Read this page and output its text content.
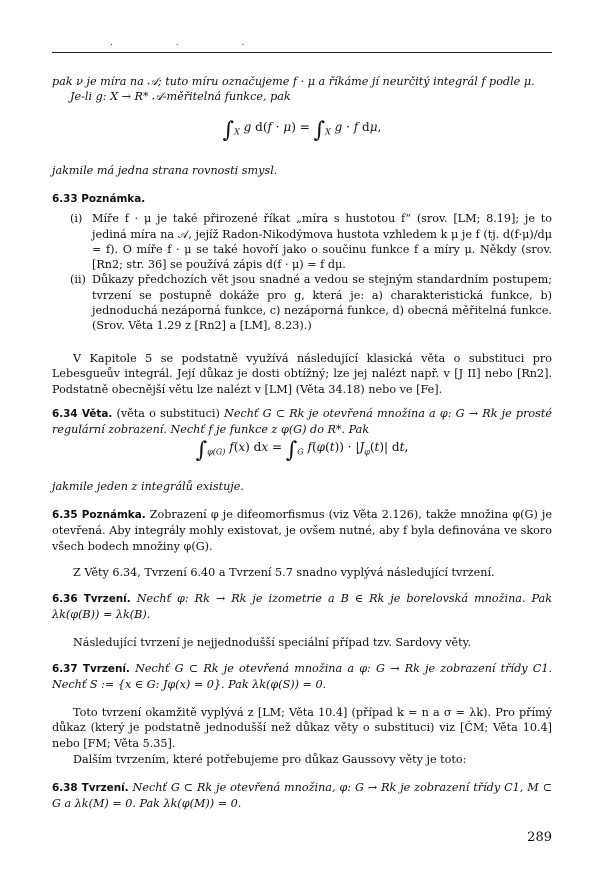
. . .

pak ν je míra na 𝒜; tuto míru označujeme f · μ a říkáme jí neurčitý integrál f podle μ.

Je-li g: X → R* 𝒜-měřitelná funkce, pak

$\int_X$ g $d(f \cdot \mu) = \int_X$ g · f dμ,
jakmile má jedna strana rovnosti smysl.

6.33 Poznámka.

(i) Míře f · μ je také přirozené říkat „míra s hustotou f“ (srov. [LM; 8.19]; je to jediná míra na 𝒜, jejíž Radon-Nikodýmova hustota vzhledem k μ je f (tj. d(f·μ)/dμ = f). O míře f · μ se také hovoří jako o součinu funkce f a míry μ. Někdy (srov. [Rn2; str. 36] se používá zápis d(f · μ) = f dμ.
(ii) Důkazy předchozích vět jsou snadné a vedou se stejným standardním postupem; tvrzení se postupně dokáže pro g, která je: a) charakteristická funkce, b) jednoduchá nezáporná funkce, c) nezáporná funkce, d) obecná měřitelná funkce. (Srov. Věta 1.29 z [Rn2] a [LM], 8.23).)
V Kapitole 5 se podstatně využívá následující klasická věta o substituci pro Lebesgueův integrál. Její důkaz je dosti obtížný; lze jej nalézt např. v [J II] nebo [Rn2]. Podstatně obecnější větu lze nalézt v [LM] (Věta 34.18) nebo ve [Fe].

6.34 Věta. (věta o substituci) Nechť G ⊂ Rk je otevřená množina a φ: G → Rk je prosté regulární zobrazení. Nechť f je funkce z φ(G) do R*. Pak

$\int_{\varphi(G)}$ f(x) dx = $\int_G$ $f(\varphi(t)) \cdot |J_\varphi(t)|$ dt,
jakmile jeden z integrálů existuje.
6.35 Poznámka. Zobrazení φ je difeomorfismus (viz Věta 2.126), takže množina φ(G) je otevřená. Aby integrály mohly existovat, je ovšem nutné, aby f byla definována ve skoro všech bodech množiny φ(G).
Z Věty 6.34, Tvrzení 6.40 a Tvrzení 5.7 snadno vyplývá následující tvrzení.
6.36 Tvrzení. Nechť φ: Rk → Rk je izometrie a B ∈ Rk je borelovská množina. Pak λk(φ(B)) = λk(B).
Následující tvrzení je nejjednodušší speciální případ tzv. Sardovy věty.
6.37 Tvrzení. Nechť G ⊂ Rk je otevřená množina a φ: G → Rk je zobrazení třídy C1. Nechť S := {x ∈ G: Jφ(x) = 0}. Pak λk(φ(S)) = 0.
Toto tvrzení okamžitě vyplývá z [LM; Věta 10.4] (případ k = n a σ = λk). Pro přímý důkaz (který je podstatně jednodušší než důkaz věty o substituci) viz [ČM; Věta 10.4] nebo [FM; Věta 5.35].
Dalším tvrzením, které potřebujeme pro důkaz Gaussovy věty je toto:
6.38 Tvrzení. Nechť G ⊂ Rk je otevřená množina, φ: G → Rk je zobrazení třídy C1, M ⊂ G a λk(M) = 0. Pak λk(φ(M)) = 0.
289
